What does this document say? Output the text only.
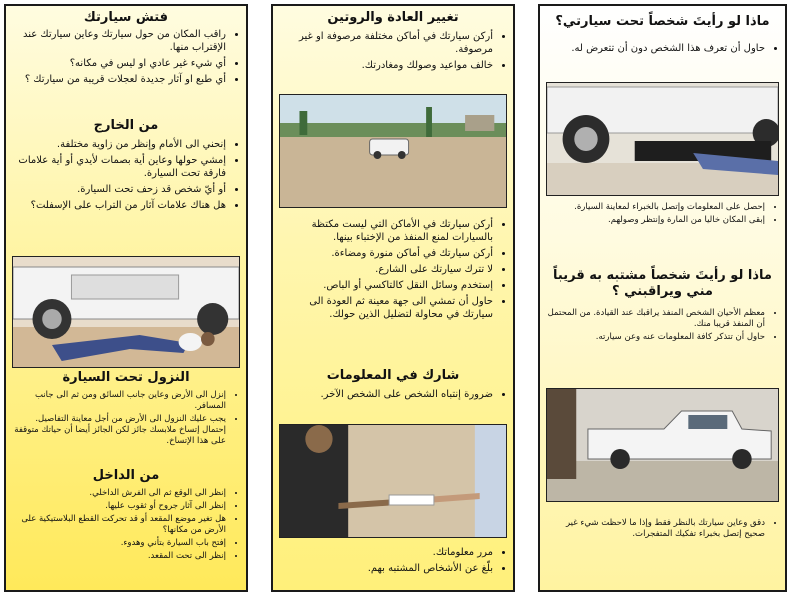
فتش سيارتك
• راقب المكان من حول سيارتك وعاين سيارتك عند الإقتراب منها.
• أي شيء غير عادي او ليس في مكانه؟
• أي طبع او آثار جديدة لعجلات قريبة من سيارتك ؟
من الخارج
• إنحني الى الأمام وإنظر من زاوية مختلفة.
• إمشي حولها وعاين أية بصمات لأيدي أو أية علامات فارقة تحت السيارة.
• أو أيّ شخص قد زحف تحت السيارة.
• هل هناك علامات آثار من التراب على الإسفلت؟
النزول تحت السيارة
• إنزل الى الأرض وعاين جانب السائق ومن ثم الى جانب المسافر.
• يجب عليك النزول الى الأرض من أجل معاينة التفاصيل. إحتمال إتساخ ملابسك جائز لكن الجائز أيضا أن حياتك متوقفة على هذا الإتساخ.
من الداخل
• إنظر الى الوقع ثم الى الفرش الداخلي.
• إنظر الى آثار جروح أو ثقوب عليها.
• هل تغير موضع المقعد أو قد تحركت القطع البلاستيكية على الأرض من مكانها؟
• إفتح باب السيارة بتأني وهدوء.
• إنظر الى تحت المقعد.
تغيير العادة والروتين
• أركن سيارتك في أماكن مختلفة مرصوفة او غير مرصوفة.
• خالف مواعيد وصولك ومغادرتك.
• أركن سيارتك في الأماكن التي ليست مكتظة بالسيارات لمنع المنفذ من الإختباء بينها.
• أركن سيارتك في أماكن منورة ومضاءة.
• لا تترك سيارتك على الشارع.
• إستخدم وسائل النقل كالتاكسي أو الباص.
• حاول أن تمشي الى جهة معينة ثم العودة الى سيارتك في محاولة لتضليل الذين حولك.
شارك في المعلومات
• ضرورة إنتباه الشخص على الشخص الآخر.
• مرر معلوماتك.
• بلّغ عن الأشخاص المشتبه بهم.
ماذا لو رأيتَ شخصاً تحت سيارتي؟
• حاول أن تعرف هذا الشخص دون أن تتعرض له.
• إحصل على المعلومات وإتصل بالخبراء لمعاينة السيارة.
• إبقى المكان خاليا من المارة وإنتظر وصولهم.
ماذا لو رأيتَ شخصاً مشتبه به قريباً مني ويراقبني ؟
• معظم الأحيان الشخص المنفذ يراقبك عند القيادة. من المحتمل أن المنفذ قريبا منك.
• حاول أن تتذكر كافة المعلومات عنه وعن سيارته.
• دقق وعاين سيارتك بالنظر فقط وإذا ما لاحظت شيء غير صحيح إتصل بخبراء تفكيك المتفجرات.
